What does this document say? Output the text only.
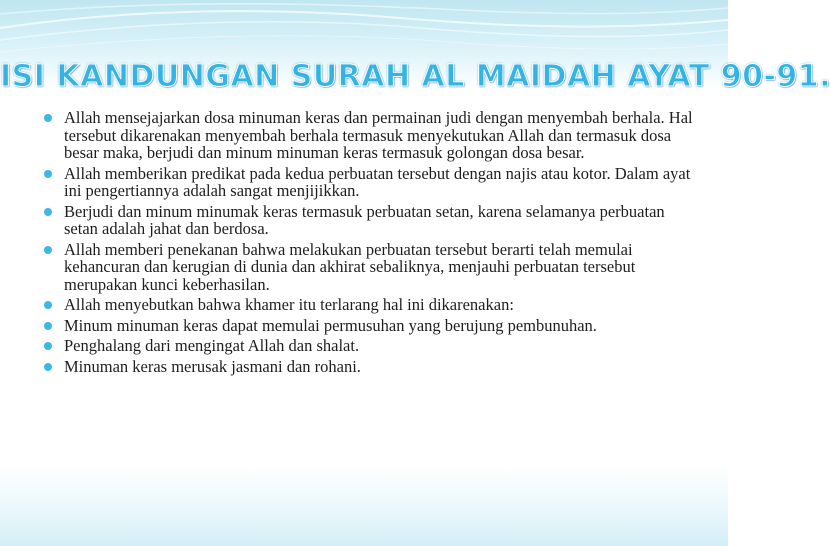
ISI KANDUNGAN SURAH AL MAIDAH AYAT 90-91.
Allah mensejajarkan dosa minuman keras dan permainan judi dengan menyembah berhala. Hal tersebut dikarenakan menyembah berhala termasuk menyekutukan Allah dan termasuk dosa besar maka, berjudi dan minum minuman keras termasuk golongan dosa besar.
Allah memberikan predikat pada kedua perbuatan tersebut dengan najis atau kotor. Dalam ayat ini pengertiannya adalah sangat menjijikkan.
Berjudi dan minum minumak keras termasuk perbuatan setan, karena selamanya perbuatan setan adalah jahat dan berdosa.
Allah memberi penekanan bahwa melakukan perbuatan tersebut berarti telah memulai kehancuran dan kerugian di dunia dan akhirat sebaliknya, menjauhi perbuatan tersebut merupakan kunci keberhasilan.
Allah menyebutkan bahwa khamer itu terlarang hal ini dikarenakan:
Minum minuman keras dapat memulai permusuhan yang berujung pembunuhan.
Penghalang dari mengingat Allah dan shalat.
Minuman keras merusak jasmani dan rohani.
